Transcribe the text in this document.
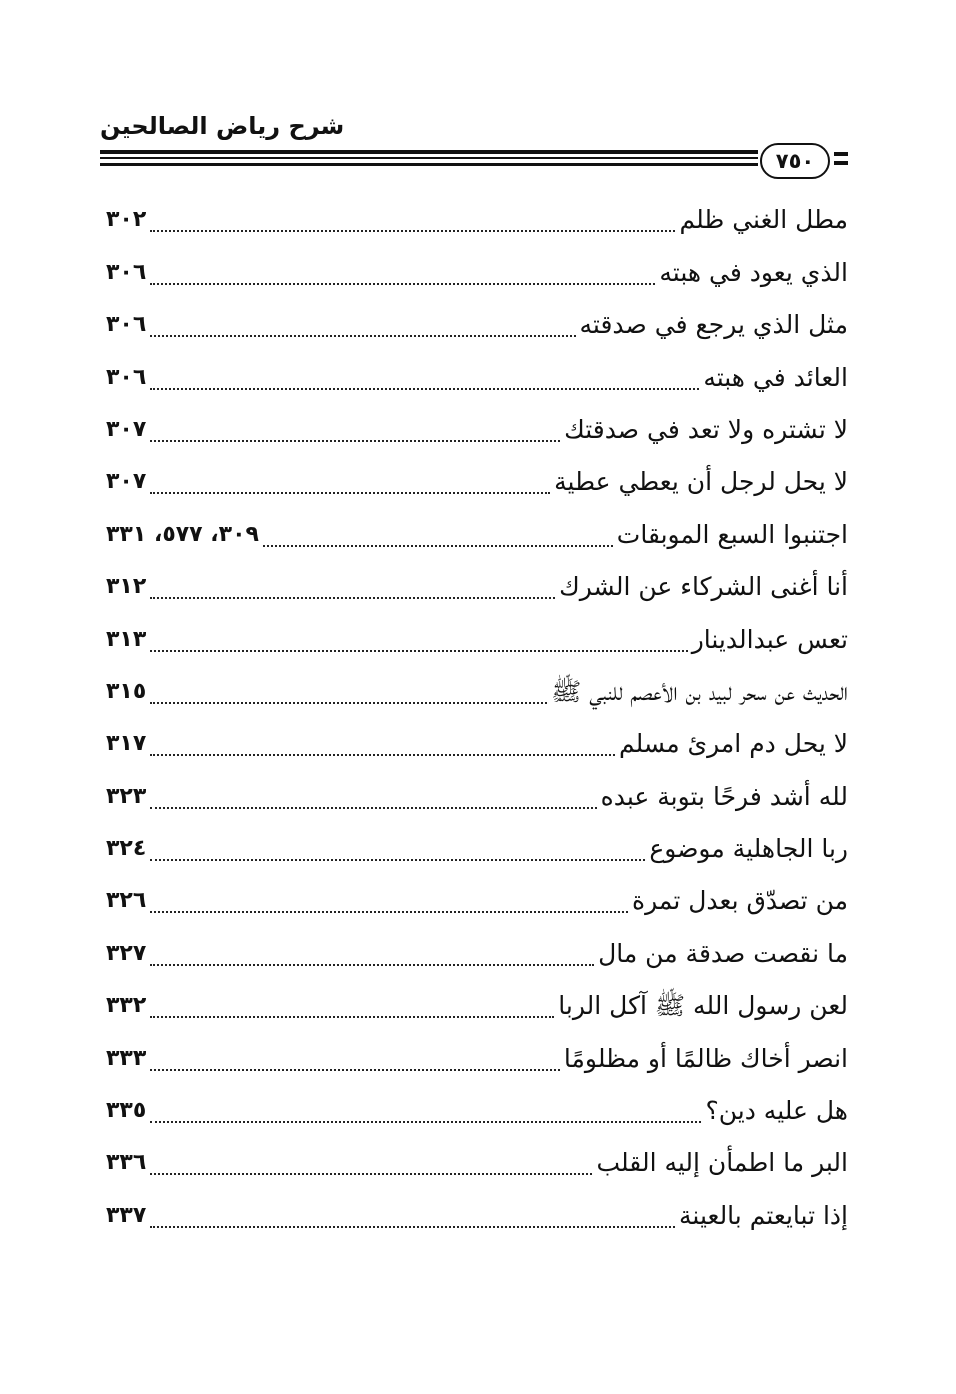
شرح رياض الصالحين
٧٥٠
مطل الغني ظلم
٣٠٢
الذي يعود في هبته
٣٠٦
مثل الذي يرجع في صدقته
٣٠٦
العائد في هبته
٣٠٦
لا تشتره ولا تعد في صدقتك
٣٠٧
لا يحل لرجل أن يعطي عطية
٣٠٧
اجتنبوا السبع الموبقات
٣٠٩، ٥٧٧، ٣٣١
أنا أغنى الشركاء عن الشرك
٣١٢
تعس عبدالدينار
٣١٣
الحديث عن سحر لبيد بن الأعصم للنبي ﷺ
٣١٥
لا يحل دم امرئ مسلم
٣١٧
لله أشد فرحًا بتوبة عبده
٣٢٣
ربا الجاهلية موضوع
٣٢٤
من تصدّق بعدل تمرة
٣٢٦
ما نقصت صدقة من مال
٣٢٧
لعن رسول الله ﷺ آكل الربا
٣٣٢
انصر أخاك ظالمًا أو مظلومًا
٣٣٣
هل عليه دين؟
٣٣٥
البر ما اطمأن إليه القلب
٣٣٦
إذا تبايعتم بالعينة
٣٣٧
